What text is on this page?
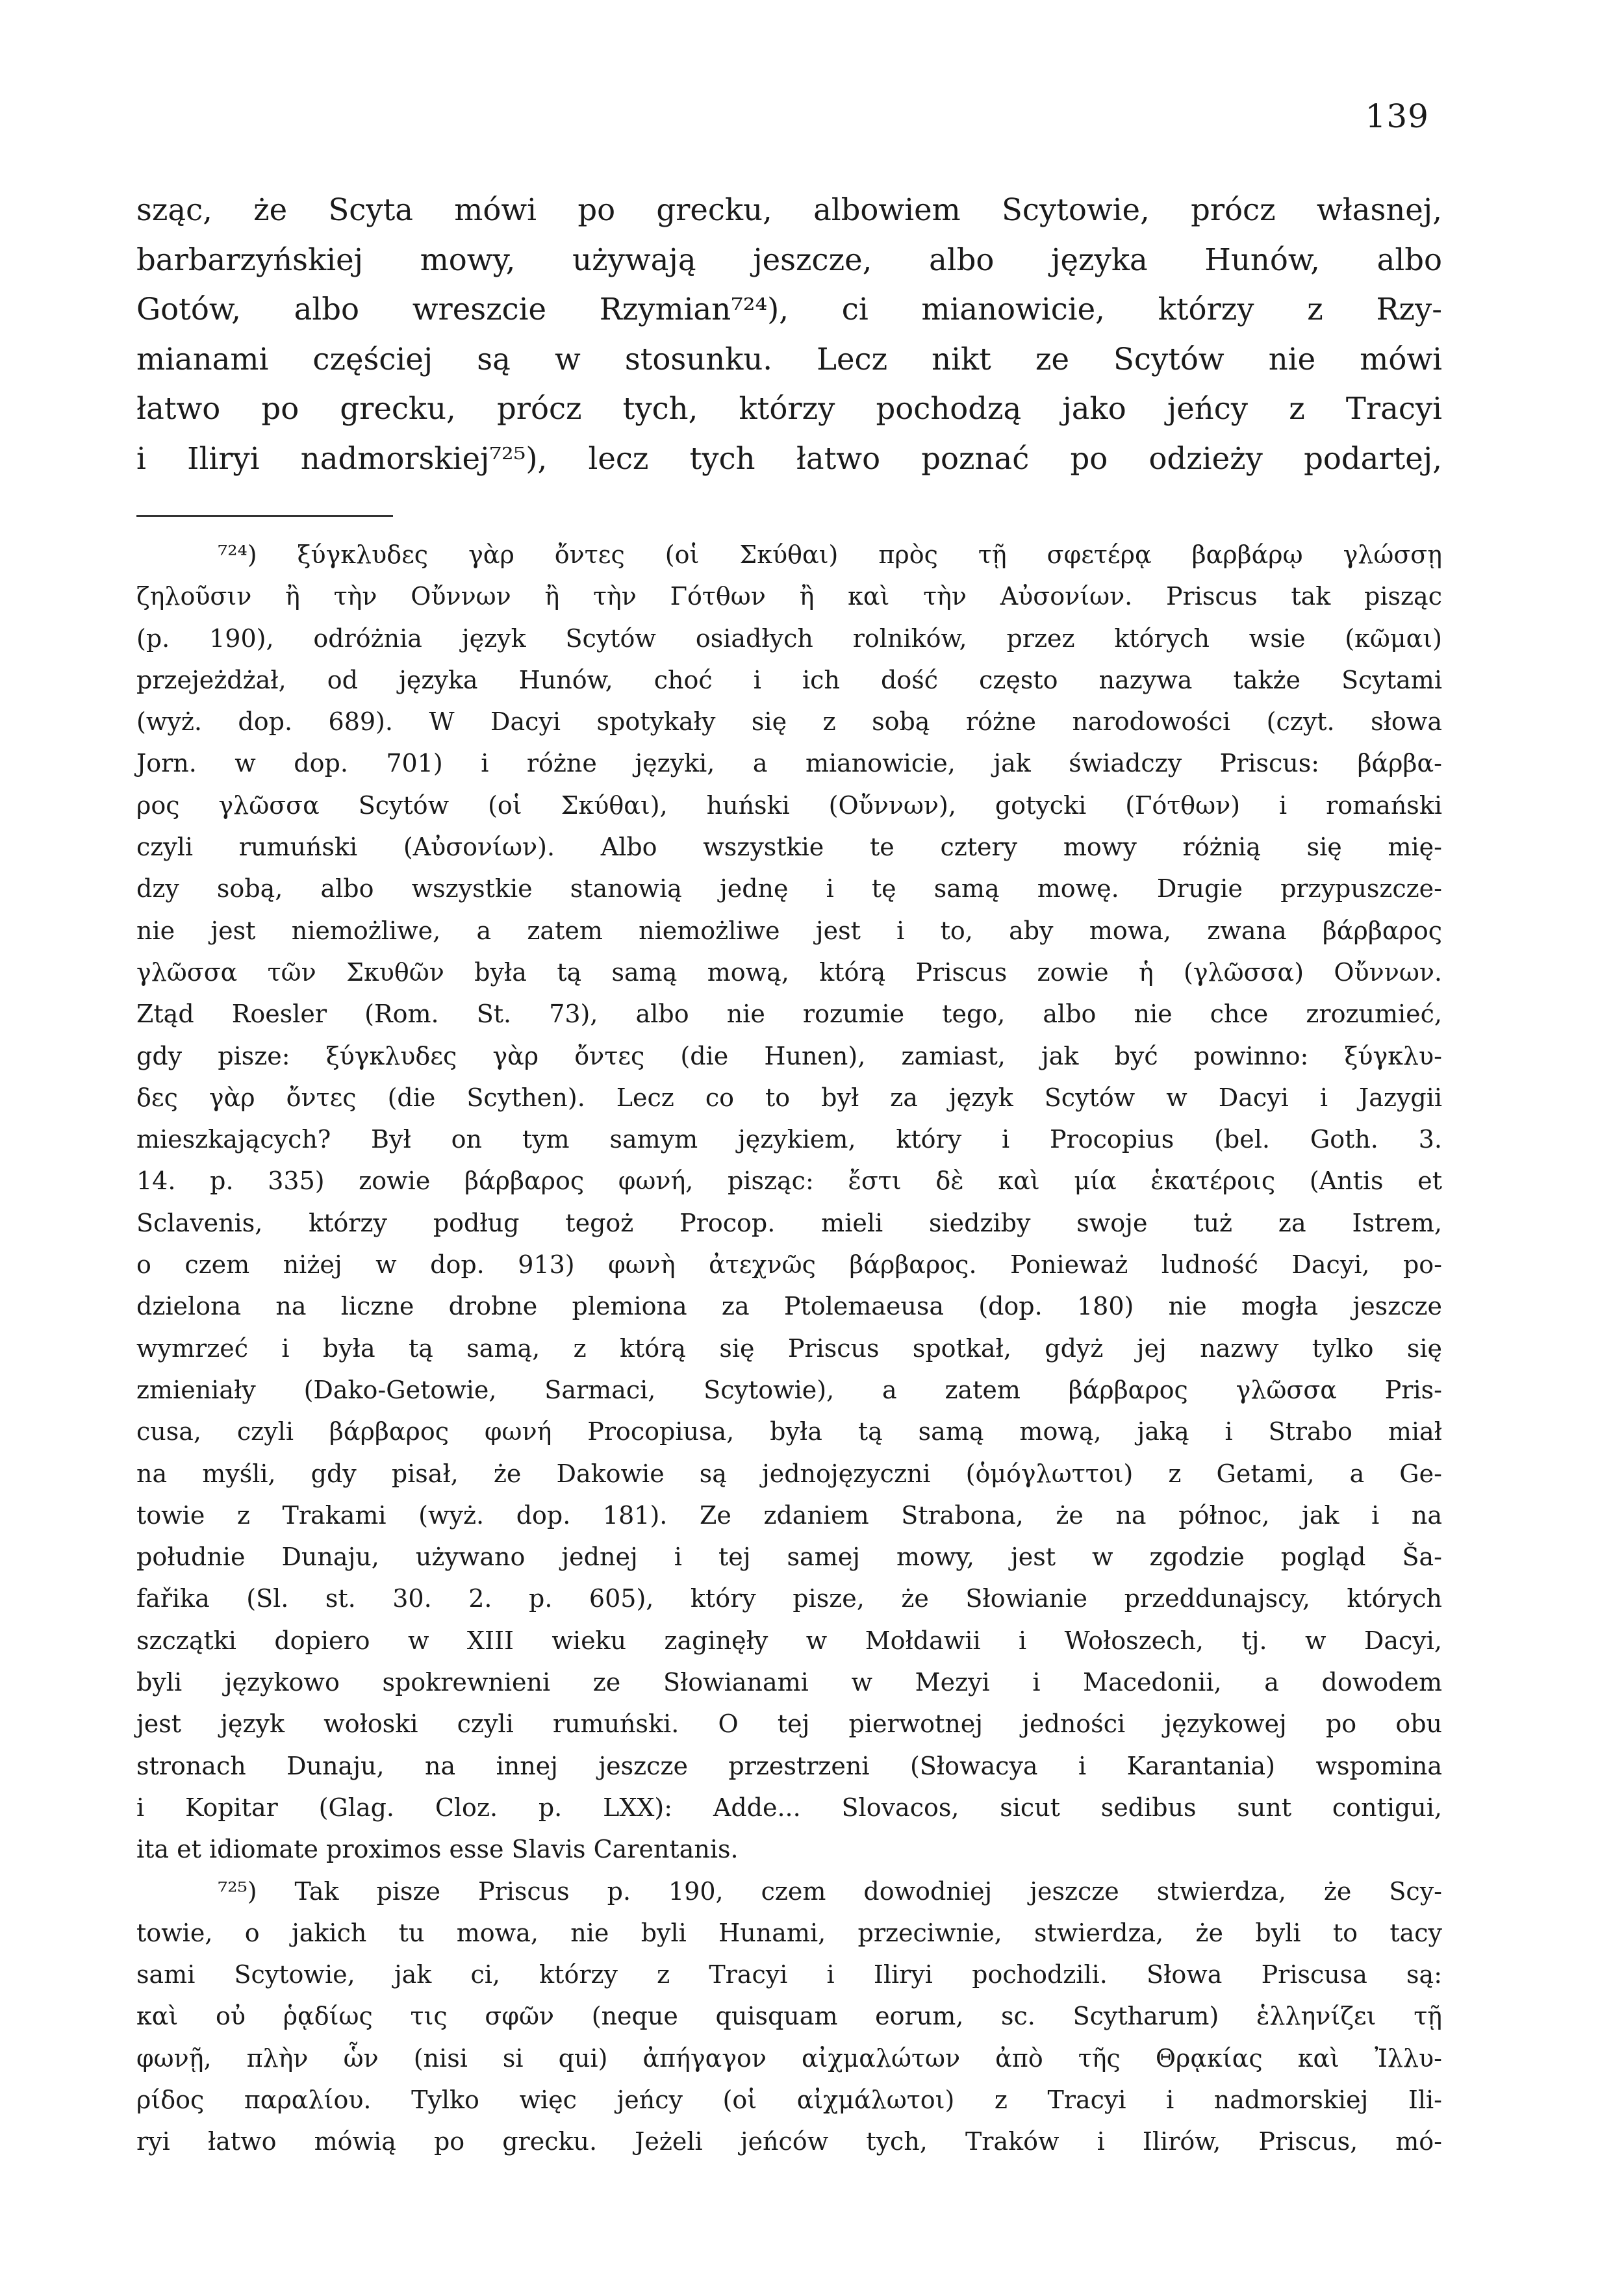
139
sząc, że Scyta mówi po grecku, albowiem Scytowie, prócz własnej,
barbarzyńskiej mowy, używają jeszcze, albo języka Hunów, albo
Gotów, albo wreszcie Rzymian⁷²⁴), ci mianowicie, którzy z Rzy-
mianami częściej są w stosunku. Lecz nikt ze Scytów nie mówi
łatwo po grecku, prócz tych, którzy pochodzą jako jeńcy z Tracyi
i Iliryi nadmorskiej⁷²⁵), lecz tych łatwo poznać po odzieży podartej,
⁷²⁴) ξύγκλυδες γὰρ ὄντες (οἱ Σκύθαι) πρὸς τῇ σφετέρᾳ βαρβάρῳ γλώσσῃ
ζηλοῦσιν ἢ τὴν Οὔννων ἢ τὴν Γότθων ἢ καὶ τὴν Αὐσονίων. Priscus tak pisząc
(p. 190), odróżnia język Scytów osiadłych rolników, przez których wsie (κῶμαι)
przejeżdżał, od języka Hunów, choć i ich dość często nazywa także Scytami
(wyż. dop. 689). W Dacyi spotykały się z sobą różne narodowości (czyt. słowa
Jorn. w dop. 701) i różne języki, a mianowicie, jak świadczy Priscus: βάρβα-
ρος γλῶσσα Scytów (οἱ Σκύθαι), huński (Οὔννων), gotycki (Γότθων) i romański
czyli rumuński (Αὐσονίων). Albo wszystkie te cztery mowy różnią się mię-
dzy sobą, albo wszystkie stanowią jednę i tę samą mowę. Drugie przypuszcze-
nie jest niemożliwe, a zatem niemożliwe jest i to, aby mowa, zwana βάρβαρος
γλῶσσα τῶν Σκυθῶν była tą samą mową, którą Priscus zowie ἡ (γλῶσσα) Οὔννων.
Ztąd Roesler (Rom. St. 73), albo nie rozumie tego, albo nie chce zrozumieć,
gdy pisze: ξύγκλυδες γὰρ ὄντες (die Hunen), zamiast, jak być powinno: ξύγκλυ-
δες γὰρ ὄντες (die Scythen). Lecz co to był za język Scytów w Dacyi i Jazygii
mieszkających? Był on tym samym językiem, który i Procopius (bel. Goth. 3.
14. p. 335) zowie βάρβαρος φωνή, pisząc: ἔστι δὲ καὶ μία ἑκατέροις (Antis et
Sclavenis, którzy podług tegoż Procop. mieli siedziby swoje tuż za Istrem,
o czem niżej w dop. 913) φωνὴ ἀτεχνῶς βάρβαρος. Ponieważ ludność Dacyi, po-
dzielona na liczne drobne plemiona za Ptolemaeusa (dop. 180) nie mogła jeszcze
wymrzeć i była tą samą, z którą się Priscus spotkał, gdyż jej nazwy tylko się
zmieniały (Dako-Getowie, Sarmaci, Scytowie), a zatem βάρβαρος γλῶσσα Pris-
cusa, czyli βάρβαρος φωνή Procopiusa, była tą samą mową, jaką i Strabo miał
na myśli, gdy pisał, że Dakowie są jednojęzyczni (ὁμόγλωττοι) z Getami, a Ge-
towie z Trakami (wyż. dop. 181). Ze zdaniem Strabona, że na północ, jak i na
południe Dunaju, używano jednej i tej samej mowy, jest w zgodzie pogląd Ša-
fařika (Sl. st. 30. 2. p. 605), który pisze, że Słowianie przeddunajscy, których
szczątki dopiero w XIII wieku zaginęły w Mołdawii i Wołoszech, tj. w Dacyi,
byli językowo spokrewnieni ze Słowianami w Mezyi i Macedonii, a dowodem
jest język wołoski czyli rumuński. O tej pierwotnej jedności językowej po obu
stronach Dunaju, na innej jeszcze przestrzeni (Słowacya i Karantania) wspomina
i Kopitar (Glag. Cloz. p. LXX): Adde... Slovacos, sicut sedibus sunt contigui,
ita et idiomate proximos esse Slavis Carentanis.
⁷²⁵) Tak pisze Priscus p. 190, czem dowodniej jeszcze stwierdza, że Scy-
towie, o jakich tu mowa, nie byli Hunami, przeciwnie, stwierdza, że byli to tacy
sami Scytowie, jak ci, którzy z Tracyi i Iliryi pochodzili. Słowa Priscusa są:
καὶ οὐ ῥᾳδίως τις σφῶν (neque quisquam eorum, sc. Scytharum) ἑλληνίζει τῇ
φωνῇ, πλὴν ὧν (nisi si qui) ἀπήγαγον αἰχμαλώτων ἀπὸ τῆς Θρᾳκίας καὶ Ἰλλυ-
ρίδος παραλίου. Tylko więc jeńcy (οἱ αἰχμάλωτοι) z Tracyi i nadmorskiej Ili-
ryi łatwo mówią po grecku. Jeżeli jeńców tych, Traków i Ilirów, Priscus, mó-
